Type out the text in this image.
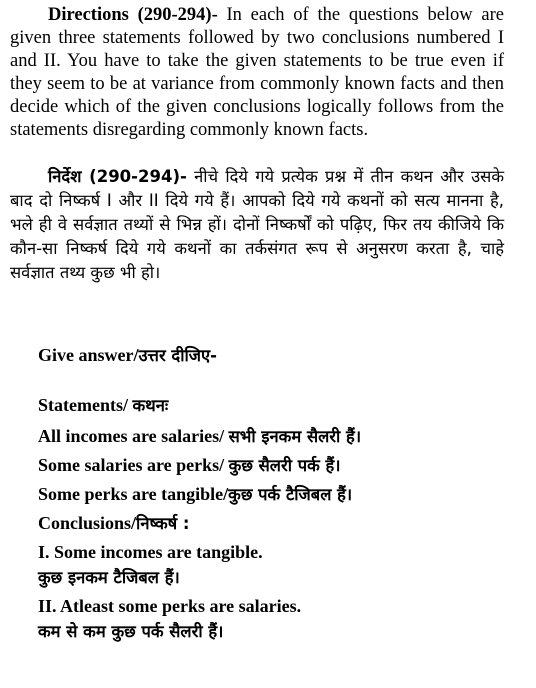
Directions (290-294)- In each of the questions below are given three statements followed by two conclusions numbered I and II. You have to take the given statements to be true even if they seem to be at variance from commonly known facts and then decide which of the given conclusions logically follows from the statements disregarding commonly known facts.

निर्देश (290-294)- नीचे दिये गये प्रत्येक प्रश्न में तीन कथन और उसके बाद दो निष्कर्ष I और II दिये गये हैं। आपको दिये गये कथनों को सत्य मानना है, भले ही वे सर्वज्ञात तथ्यों से भिन्न हों। दोनों निष्कर्षों को पढ़िए, फिर तय कीजिये कि कौन-सा निष्कर्ष दिये गये कथनों का तर्कसंगत रूप से अनुसरण करता है, चाहे सर्वज्ञात तथ्य कुछ भी हो।

Give answer/उत्तर दीजिए-

Statements/ कथनः

All incomes are salaries/ सभी इनकम सैलरी हैं।

Some salaries are perks/ कुछ सैलरी पर्क हैं।

Some perks are tangible/कुछ पर्क टैजिबल हैं।

Conclusions/निष्कर्ष :

I. Some incomes are tangible.

कुछ इनकम टैजिबल हैं।

II. Atleast some perks are salaries.

कम से कम कुछ पर्क सैलरी हैं।
